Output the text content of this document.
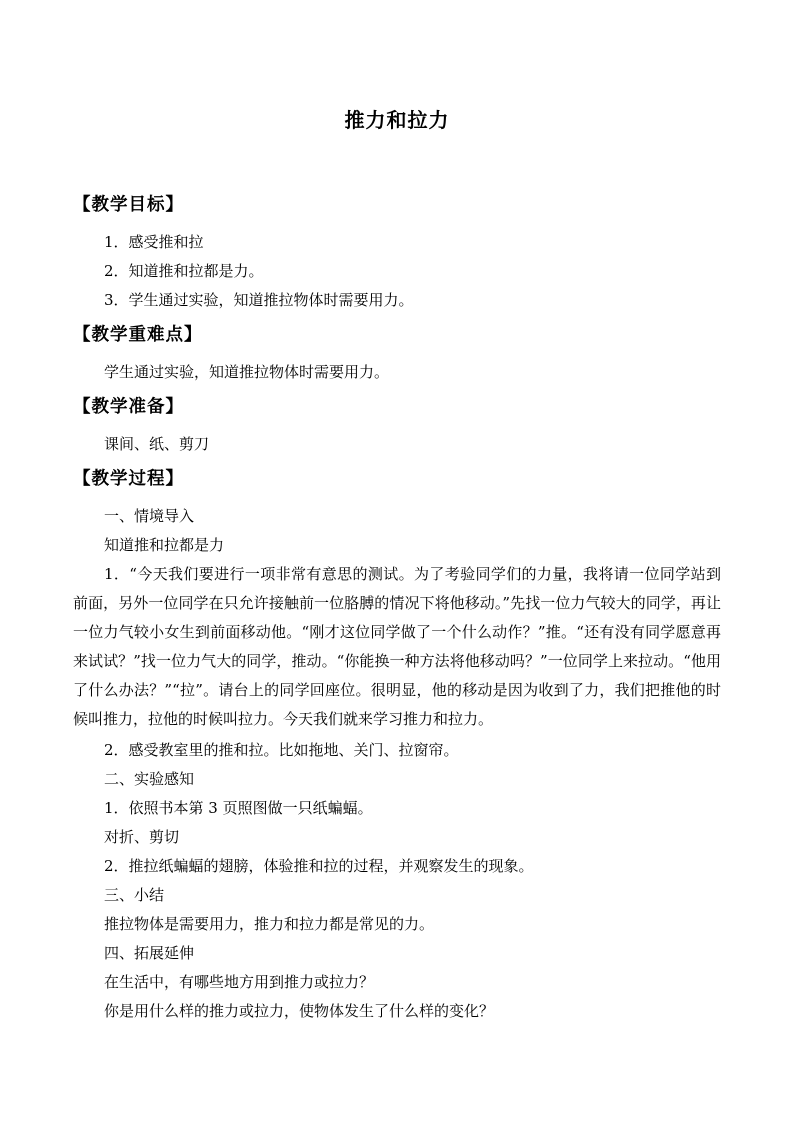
推力和拉力
【教学目标】
1．感受推和拉
2．知道推和拉都是力。
3．学生通过实验，知道推拉物体时需要用力。
【教学重难点】
学生通过实验，知道推拉物体时需要用力。
【教学准备】
课间、纸、剪刀
【教学过程】
一、情境导入
知道推和拉都是力
1．“今天我们要进行一项非常有意思的测试。为了考验同学们的力量，我将请一位同学站到前面，另外一位同学在只允许接触前一位胳膊的情况下将他移动。”先找一位力气较大的同学，再让一位力气较小女生到前面移动他。“刚才这位同学做了一个什么动作？”推。“还有没有同学愿意再来试试？”找一位力气大的同学，推动。“你能换一种方法将他移动吗？”一位同学上来拉动。“他用了什么办法？”“拉”。请台上的同学回座位。很明显，他的移动是因为收到了力，我们把推他的时候叫推力，拉他的时候叫拉力。今天我们就来学习推力和拉力。
2．感受教室里的推和拉。比如拖地、关门、拉窗帘。
二、实验感知
1．依照书本第 3 页照图做一只纸蝙蝠。
对折、剪切
2．推拉纸蝙蝠的翅膀，体验推和拉的过程，并观察发生的现象。
三、小结
推拉物体是需要用力，推力和拉力都是常见的力。
四、拓展延伸
在生活中，有哪些地方用到推力或拉力？
你是用什么样的推力或拉力，使物体发生了什么样的变化？
